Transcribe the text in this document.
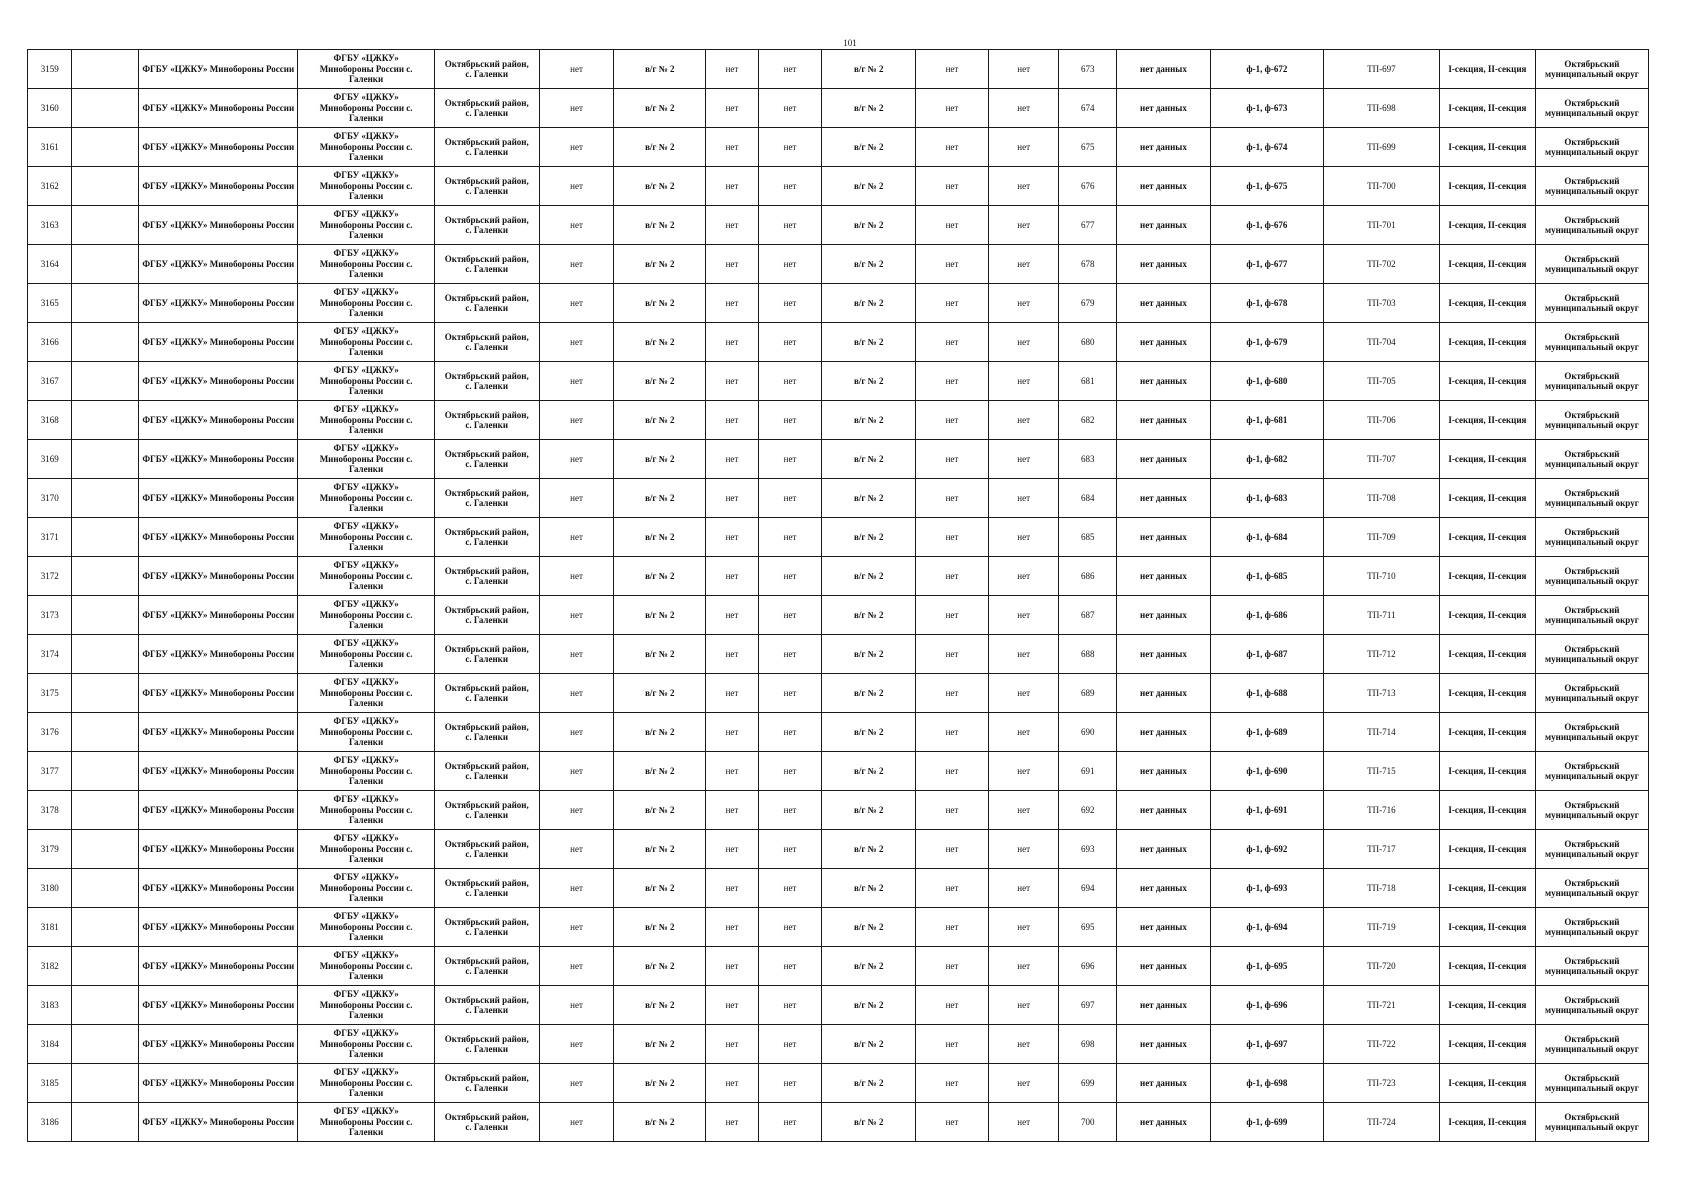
101
3159		ФГБУ «ЦЖКУ» Минобороны России	ФГБУ «ЦЖКУ»
Минобороны России с.
Галенки	Октябрьский район,
с. Галенки	нет	в/г № 2	нет	нет	в/г № 2	нет	нет	673	нет данных	ф-1, ф-672	ТП-697	I-секция, II-секция	Октябрьский
муниципальный округ

3160		ФГБУ «ЦЖКУ» Минобороны России	ФГБУ «ЦЖКУ»
Минобороны России с.
Галенки	Октябрьский район,
с. Галенки	нет	в/г № 2	нет	нет	в/г № 2	нет	нет	674	нет данных	ф-1, ф-673	ТП-698	I-секция, II-секция	Октябрьский
муниципальный округ

3161		ФГБУ «ЦЖКУ» Минобороны России	ФГБУ «ЦЖКУ»
Минобороны России с.
Галенки	Октябрьский район,
с. Галенки	нет	в/г № 2	нет	нет	в/г № 2	нет	нет	675	нет данных	ф-1, ф-674	ТП-699	I-секция, II-секция	Октябрьский
муниципальный округ

3162		ФГБУ «ЦЖКУ» Минобороны России	ФГБУ «ЦЖКУ»
Минобороны России с.
Галенки	Октябрьский район,
с. Галенки	нет	в/г № 2	нет	нет	в/г № 2	нет	нет	676	нет данных	ф-1, ф-675	ТП-700	I-секция, II-секция	Октябрьский
муниципальный округ

3163		ФГБУ «ЦЖКУ» Минобороны России	ФГБУ «ЦЖКУ»
Минобороны России с.
Галенки	Октябрьский район,
с. Галенки	нет	в/г № 2	нет	нет	в/г № 2	нет	нет	677	нет данных	ф-1, ф-676	ТП-701	I-секция, II-секция	Октябрьский
муниципальный округ

3164		ФГБУ «ЦЖКУ» Минобороны России	ФГБУ «ЦЖКУ»
Минобороны России с.
Галенки	Октябрьский район,
с. Галенки	нет	в/г № 2	нет	нет	в/г № 2	нет	нет	678	нет данных	ф-1, ф-677	ТП-702	I-секция, II-секция	Октябрьский
муниципальный округ

3165		ФГБУ «ЦЖКУ» Минобороны России	ФГБУ «ЦЖКУ»
Минобороны России с.
Галенки	Октябрьский район,
с. Галенки	нет	в/г № 2	нет	нет	в/г № 2	нет	нет	679	нет данных	ф-1, ф-678	ТП-703	I-секция, II-секция	Октябрьский
муниципальный округ

3166		ФГБУ «ЦЖКУ» Минобороны России	ФГБУ «ЦЖКУ»
Минобороны России с.
Галенки	Октябрьский район,
с. Галенки	нет	в/г № 2	нет	нет	в/г № 2	нет	нет	680	нет данных	ф-1, ф-679	ТП-704	I-секция, II-секция	Октябрьский
муниципальный округ

3167		ФГБУ «ЦЖКУ» Минобороны России	ФГБУ «ЦЖКУ»
Минобороны России с.
Галенки	Октябрьский район,
с. Галенки	нет	в/г № 2	нет	нет	в/г № 2	нет	нет	681	нет данных	ф-1, ф-680	ТП-705	I-секция, II-секция	Октябрьский
муниципальный округ

3168		ФГБУ «ЦЖКУ» Минобороны России	ФГБУ «ЦЖКУ»
Минобороны России с.
Галенки	Октябрьский район,
с. Галенки	нет	в/г № 2	нет	нет	в/г № 2	нет	нет	682	нет данных	ф-1, ф-681	ТП-706	I-секция, II-секция	Октябрьский
муниципальный округ

3169		ФГБУ «ЦЖКУ» Минобороны России	ФГБУ «ЦЖКУ»
Минобороны России с.
Галенки	Октябрьский район,
с. Галенки	нет	в/г № 2	нет	нет	в/г № 2	нет	нет	683	нет данных	ф-1, ф-682	ТП-707	I-секция, II-секция	Октябрьский
муниципальный округ

3170		ФГБУ «ЦЖКУ» Минобороны России	ФГБУ «ЦЖКУ»
Минобороны России с.
Галенки	Октябрьский район,
с. Галенки	нет	в/г № 2	нет	нет	в/г № 2	нет	нет	684	нет данных	ф-1, ф-683	ТП-708	I-секция, II-секция	Октябрьский
муниципальный округ

3171		ФГБУ «ЦЖКУ» Минобороны России	ФГБУ «ЦЖКУ»
Минобороны России с.
Галенки	Октябрьский район,
с. Галенки	нет	в/г № 2	нет	нет	в/г № 2	нет	нет	685	нет данных	ф-1, ф-684	ТП-709	I-секция, II-секция	Октябрьский
муниципальный округ

3172		ФГБУ «ЦЖКУ» Минобороны России	ФГБУ «ЦЖКУ»
Минобороны России с.
Галенки	Октябрьский район,
с. Галенки	нет	в/г № 2	нет	нет	в/г № 2	нет	нет	686	нет данных	ф-1, ф-685	ТП-710	I-секция, II-секция	Октябрьский
муниципальный округ

3173		ФГБУ «ЦЖКУ» Минобороны России	ФГБУ «ЦЖКУ»
Минобороны России с.
Галенки	Октябрьский район,
с. Галенки	нет	в/г № 2	нет	нет	в/г № 2	нет	нет	687	нет данных	ф-1, ф-686	ТП-711	I-секция, II-секция	Октябрьский
муниципальный округ

3174		ФГБУ «ЦЖКУ» Минобороны России	ФГБУ «ЦЖКУ»
Минобороны России с.
Галенки	Октябрьский район,
с. Галенки	нет	в/г № 2	нет	нет	в/г № 2	нет	нет	688	нет данных	ф-1, ф-687	ТП-712	I-секция, II-секция	Октябрьский
муниципальный округ

3175		ФГБУ «ЦЖКУ» Минобороны России	ФГБУ «ЦЖКУ»
Минобороны России с.
Галенки	Октябрьский район,
с. Галенки	нет	в/г № 2	нет	нет	в/г № 2	нет	нет	689	нет данных	ф-1, ф-688	ТП-713	I-секция, II-секция	Октябрьский
муниципальный округ

3176		ФГБУ «ЦЖКУ» Минобороны России	ФГБУ «ЦЖКУ»
Минобороны России с.
Галенки	Октябрьский район,
с. Галенки	нет	в/г № 2	нет	нет	в/г № 2	нет	нет	690	нет данных	ф-1, ф-689	ТП-714	I-секция, II-секция	Октябрьский
муниципальный округ

3177		ФГБУ «ЦЖКУ» Минобороны России	ФГБУ «ЦЖКУ»
Минобороны России с.
Галенки	Октябрьский район,
с. Галенки	нет	в/г № 2	нет	нет	в/г № 2	нет	нет	691	нет данных	ф-1, ф-690	ТП-715	I-секция, II-секция	Октябрьский
муниципальный округ

3178		ФГБУ «ЦЖКУ» Минобороны России	ФГБУ «ЦЖКУ»
Минобороны России с.
Галенки	Октябрьский район,
с. Галенки	нет	в/г № 2	нет	нет	в/г № 2	нет	нет	692	нет данных	ф-1, ф-691	ТП-716	I-секция, II-секция	Октябрьский
муниципальный округ

3179		ФГБУ «ЦЖКУ» Минобороны России	ФГБУ «ЦЖКУ»
Минобороны России с.
Галенки	Октябрьский район,
с. Галенки	нет	в/г № 2	нет	нет	в/г № 2	нет	нет	693	нет данных	ф-1, ф-692	ТП-717	I-секция, II-секция	Октябрьский
муниципальный округ

3180		ФГБУ «ЦЖКУ» Минобороны России	ФГБУ «ЦЖКУ»
Минобороны России с.
Галенки	Октябрьский район,
с. Галенки	нет	в/г № 2	нет	нет	в/г № 2	нет	нет	694	нет данных	ф-1, ф-693	ТП-718	I-секция, II-секция	Октябрьский
муниципальный округ

3181		ФГБУ «ЦЖКУ» Минобороны России	ФГБУ «ЦЖКУ»
Минобороны России с.
Галенки	Октябрьский район,
с. Галенки	нет	в/г № 2	нет	нет	в/г № 2	нет	нет	695	нет данных	ф-1, ф-694	ТП-719	I-секция, II-секция	Октябрьский
муниципальный округ

3182		ФГБУ «ЦЖКУ» Минобороны России	ФГБУ «ЦЖКУ»
Минобороны России с.
Галенки	Октябрьский район,
с. Галенки	нет	в/г № 2	нет	нет	в/г № 2	нет	нет	696	нет данных	ф-1, ф-695	ТП-720	I-секция, II-секция	Октябрьский
муниципальный округ

3183		ФГБУ «ЦЖКУ» Минобороны России	ФГБУ «ЦЖКУ»
Минобороны России с.
Галенки	Октябрьский район,
с. Галенки	нет	в/г № 2	нет	нет	в/г № 2	нет	нет	697	нет данных	ф-1, ф-696	ТП-721	I-секция, II-секция	Октябрьский
муниципальный округ

3184		ФГБУ «ЦЖКУ» Минобороны России	ФГБУ «ЦЖКУ»
Минобороны России с.
Галенки	Октябрьский район,
с. Галенки	нет	в/г № 2	нет	нет	в/г № 2	нет	нет	698	нет данных	ф-1, ф-697	ТП-722	I-секция, II-секция	Октябрьский
муниципальный округ

3185		ФГБУ «ЦЖКУ» Минобороны России	ФГБУ «ЦЖКУ»
Минобороны России с.
Галенки	Октябрьский район,
с. Галенки	нет	в/г № 2	нет	нет	в/г № 2	нет	нет	699	нет данных	ф-1, ф-698	ТП-723	I-секция, II-секция	Октябрьский
муниципальный округ

3186		ФГБУ «ЦЖКУ» Минобороны России	ФГБУ «ЦЖКУ»
Минобороны России с.
Галенки	Октябрьский район,
с. Галенки	нет	в/г № 2	нет	нет	в/г № 2	нет	нет	700	нет данных	ф-1, ф-699	ТП-724	I-секция, II-секция	Октябрьский
муниципальный округ
